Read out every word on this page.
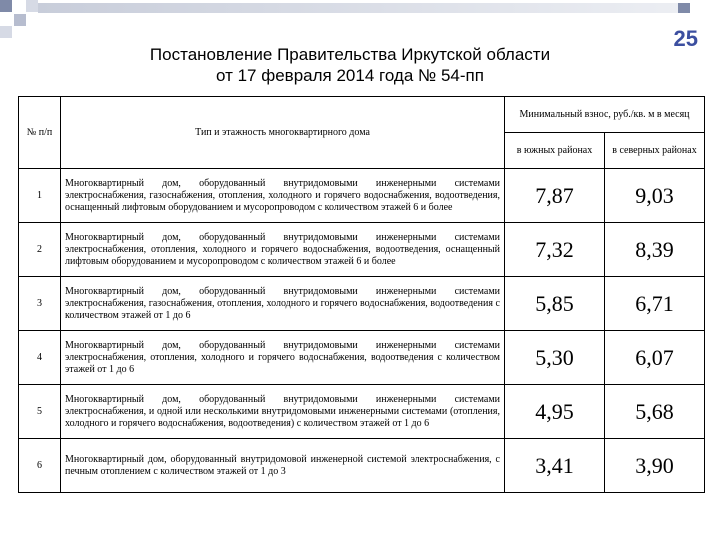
25
Постановление Правительства Иркутской области
от 17 февраля 2014 года № 54-пп
№ п/п	Тип и этажность многоквартирного дома	Минимальный взнос, руб./кв. м в месяц	
		в южных районах	в северных районах
1	Многоквартирный дом, оборудованный внутридомовыми инженерными системами электроснабжения, газоснабжения, отопления, холодного и горячего водоснабжения, водоотведения, оснащенный лифтовым оборудованием и мусоропроводом с количеством этажей 6 и более	7,87	9,03
2	Многоквартирный дом, оборудованный внутридомовыми инженерными системами электроснабжения, отопления, холодного и горячего водоснабжения, водоотведения, оснащенный лифтовым оборудованием и мусоропроводом с количеством этажей 6 и более	7,32	8,39
3	Многоквартирный дом, оборудованный внутридомовыми инженерными системами электроснабжения, газоснабжения, отопления, холодного и горячего водоснабжения, водоотведения с количеством этажей от 1 до 6	5,85	6,71
4	Многоквартирный дом, оборудованный внутридомовыми инженерными системами электроснабжения, отопления, холодного и горячего водоснабжения, водоотведения с количеством этажей от 1 до 6	5,30	6,07
5	Многоквартирный дом, оборудованный внутридомовыми инженерными системами электроснабжения, и одной или несколькими внутридомовыми инженерными системами (отопления, холодного и горячего водоснабжения, водоотведения) с количеством этажей от 1 до 6	4,95	5,68
6	Многоквартирный дом, оборудованный внутридомовой инженерной системой электроснабжения, с печным отоплением с количеством этажей от 1 до 3	3,41	3,90
